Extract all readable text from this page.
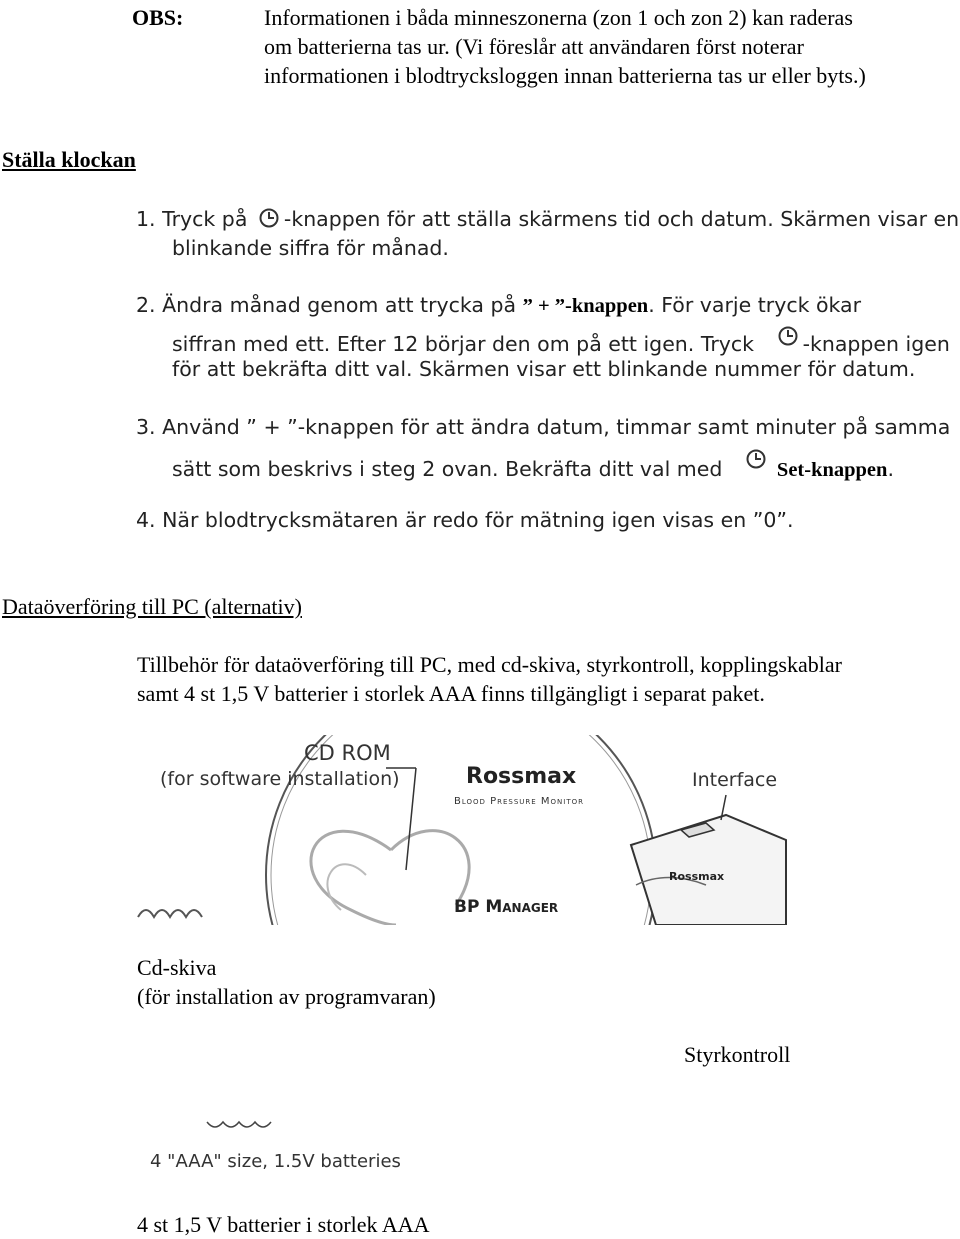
OBS:	Informationen i båda minneszonerna (zon 1 och zon 2) kan raderas
om batterierna tas ur. (Vi föreslår att användaren först noterar
informationen i blodtrycksloggen innan batterierna tas ur eller byts.)
Ställa klockan
1. Tryck på -knappen för att ställa skärmens tid och datum. Skärmen visar en
blinkande siffra för månad.
2. Ändra månad genom att trycka på ” + ”-knappen. För varje tryck ökar
siffran med ett. Efter 12 börjar den om på ett igen. Tryck -knappen igen
för att bekräfta ditt val. Skärmen visar ett blinkande nummer för datum.
3. Använd ” + ”-knappen för att ändra datum, timmar samt minuter på samma
sätt som beskrivs i steg 2 ovan. Bekräfta ditt val med	Set-knappen.
4. När blodtrycksmätaren är redo för mätning igen visas en ”0”.
Dataöverföring till PC (alternativ)
Tillbehör för dataöverföring till PC, med cd-skiva, styrkontroll, kopplingskablar
samt 4 st 1,5 V batterier i storlek AAA finns tillgängligt i separat paket.
CD ROM
(for software installation)	Interface
Rossmax
Blood Pressure Monitor
BP Manager
Rossmax
Cd-skiva
(för installation av programvaran)
Styrkontroll
4 "AAA" size, 1.5V batteries
4 st 1,5 V batterier i storlek AAA
